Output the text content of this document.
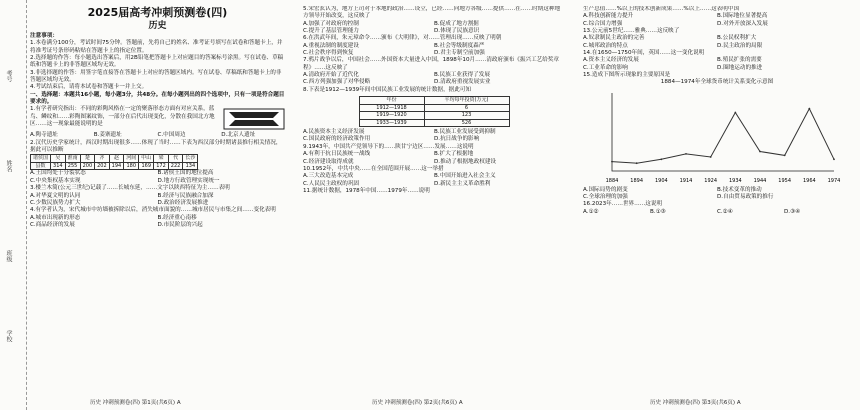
考号
姓名
班级
学校
2025届高考冲刺预测卷(四)
历史
注意事项：
1.本卷满分100分，考试时间75分钟。答题前，先将自己的姓名、准考证号填写在试卷和答题卡上，并将准考证号条形码粘贴在答题卡上的指定位置。
2.选择题的作答：每小题选出答案后，用2B铅笔把答题卡上对应题目的答案标号涂黑。写在试卷、草稿纸和答题卡上的非答题区域均无效。
3.非选择题的作答：用签字笔直接答在答题卡上对应的答题区域内。写在试卷、草稿纸和答题卡上的非答题区域均无效。
4.考试结束后，请将本试卷和答题卡一并上交。
一、选择题：本题共16小题，每小题3分，共48分。在每小题列出的四个选项中，只有一项是符合题目要求的。
1.有学者研究指出：不同的彩陶风格在一定的聚落形态方面有对应关系，蓝鸟、鳞纹和……彩陶图案纹饰，一部分在后代出现变化，分散在我国北方地区……这一现象最能说明的是
A.陶寺遗址	B.姜寨遗址	C.中国周边	D.北京人遗址
2.汉代历史学家统计，西汉时期出现很多……体现了当时……下表为西汉部分时期诸县推行相关情况，据此可以推断
诸侯国	吴	淮南	楚	齐	赵	河间	中山	梁	代	长沙
县数	314	255	200	202	194	180	169	172	222	134
A.王国均处于分裂状态	B.诸侯王国的地位提高
C.中央集权基本实现	D.地方行政管理实现统一
3.楼兰木简(公元三世纪)记载了……长城东延，……文字以陕西特征为主……表明
A.对华夏文明的认同	B.经济与民族融合加深
C.少数民族势力扩大	D.政治经济发展推进
4.有学者认为，宋代城市中坊墙被拆除以后，消失城市面貌的……城市居民与市集之间……变化表明
A.城市出现新的形态	B.经济重心南移
C.商品经济的发展	D.市民阶层的兴起
历史 冲刺预测卷(四) 第1页(共6页) A
5.宋宏玄认为，地方上司对于本地的政治……设立，已经……向地方各级……提供……在……时期这种地方领导开始改变，这反映了
A.加强了对政府的控制	B.促成了地方割据
C.提升了基层管理能力	D.体现了民族意识
6.在洪武年间，朱元璋命令……颁布《大明律》，对……管理出现……反映了明朝
A.重视法制的制度建设	B.社会等级制度森严
C.社会秩序得到恢复	D.君主专制空前加强
7.鸦片战争以后，中国社会……外国资本大量进入中国，1898年10月……清政府颁布《振兴工艺给奖章程》……这反映了
A.清政府开始了近代化	B.民族工业获得了发展
C.西方列强加强了对华侵略	D.清政府重视发展实业
8.下表是1912—1939年间中国民族工业发展的统计数据，据此可知
年份	平均每年投资(万元)
1912—1918	6
1919—1920	123
1933—1939	526
A.民族资本主义经济发展	B.民族工业发展受到抑制
C.国民政府的经济政策作用	D.抗日战争的影响
9.1943年，中国共产党领导下的……陕甘宁边区……发展……这说明
A.有利于抗日民族统一战线	B.扩大了根据地
C.经济建设取得成就	D.推动了根据地政权建设
10.1952年，中共中央……在全国范围开展……这一举措
A.三大改造基本完成	B.中国开始进入社会主义
C.人民民主政权的巩固	D.新民主主义革命胜利
11.据统计数据，1978年中国……1979年……说明
历史 冲刺预测卷(四) 第2页(共6页) A
生产总值……%以上的技术创新成果……%以上……这表明中国
A.科技创新能力提升	B.国际地位显著提高
C.综合国力增强	D.对外开放深入发展
13.公元前5世纪……雅典……这反映了
A.奴隶制民主政治的完善	B.公民权利扩大
C.城邦政治的特点	D.民主政治的局限
14.在1650—1750年间，英国……这一变化说明
A.资本主义经济的发展	B.殖民扩张的需要
C.工业革命的影响	D.圈地运动的推进
15.造成下图所示现象的主要原因是
1884—1974年全球货币统计关系变化示意图
1884 1894 1904 1914 1924 1934 1944 1954 1964 1974
A.国际局势的剧变	B.技术变革的推动
C.全球治理的加强	D.自由贸易政策的推行
16.2023年……世界……这说明
A.①②	B.①③	C.②④	D.③④
历史 冲刺预测卷(四) 第3页(共6页) A
